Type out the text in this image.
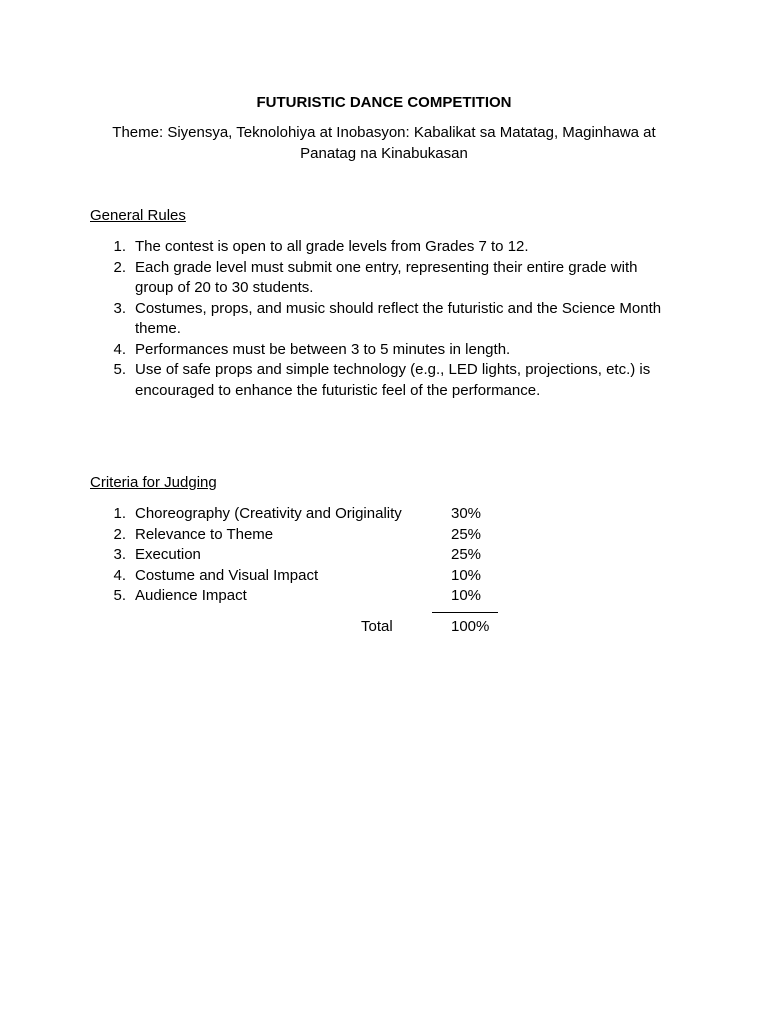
FUTURISTIC DANCE COMPETITION
Theme: Siyensya, Teknolohiya at Inobasyon: Kabalikat sa Matatag, Maginhawa at Panatag na Kinabukasan
General Rules
1. The contest is open to all grade levels from Grades 7 to 12.
2. Each grade level must submit one entry, representing their entire grade with group of 20 to 30 students.
3. Costumes, props, and music should reflect the futuristic and the Science Month theme.
4. Performances must be between 3 to 5 minutes in length.
5. Use of safe props and simple technology (e.g., LED lights, projections, etc.) is encouraged to enhance the futuristic feel of the performance.
Criteria for Judging
1. Choreography (Creativity and Originality	30%
2. Relevance to Theme	25%
3. Execution	25%
4. Costume and Visual Impact	10%
5. Audience Impact	10%
Total	100%
